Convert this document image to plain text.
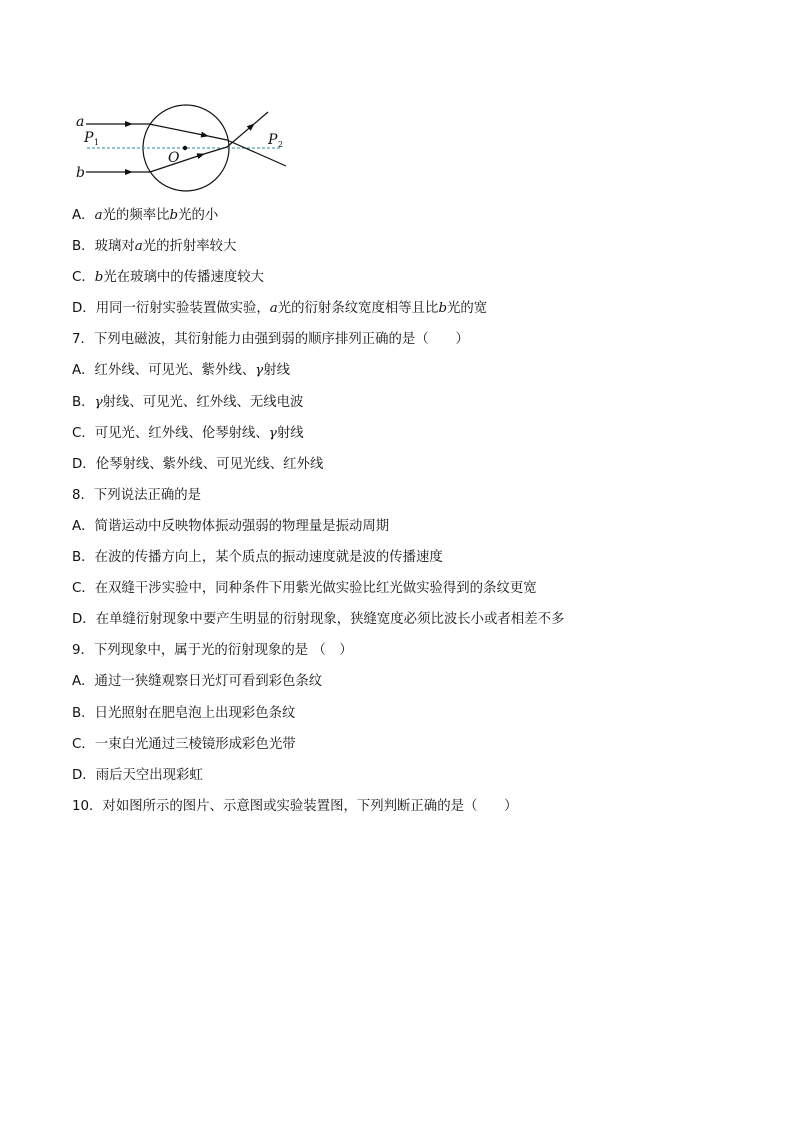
a
b
O
P 1	P 2
A．a光的频率比b光的小
B．玻璃对a光的折射率较大
C．b光在玻璃中的传播速度较大
D．用同一衍射实验装置做实验，a光的衍射条纹宽度相等且比b光的宽
7．下列电磁波，其衍射能力由强到弱的顺序排列正确的是（　　）
A．红外线、可见光、紫外线、γ射线
B．γ射线、可见光、红外线、无线电波
C．可见光、红外线、伦琴射线、γ射线
D．伦琴射线、紫外线、可见光线、红外线
8．下列说法正确的是
A．简谐运动中反映物体振动强弱的物理量是振动周期
B．在波的传播方向上，某个质点的振动速度就是波的传播速度
C．在双缝干涉实验中，同种条件下用紫光做实验比红光做实验得到的条纹更宽
D．在单缝衍射现象中要产生明显的衍射现象，狭缝宽度必须比波长小或者相差不多
9．下列现象中，属于光的衍射现象的是 （　）
A．通过一狭缝观察日光灯可看到彩色条纹
B．日光照射在肥皂泡上出现彩色条纹
C．一束白光通过三棱镜形成彩色光带
D．雨后天空出现彩虹
10．对如图所示的图片、示意图或实验装置图，下列判断正确的是（　　）
